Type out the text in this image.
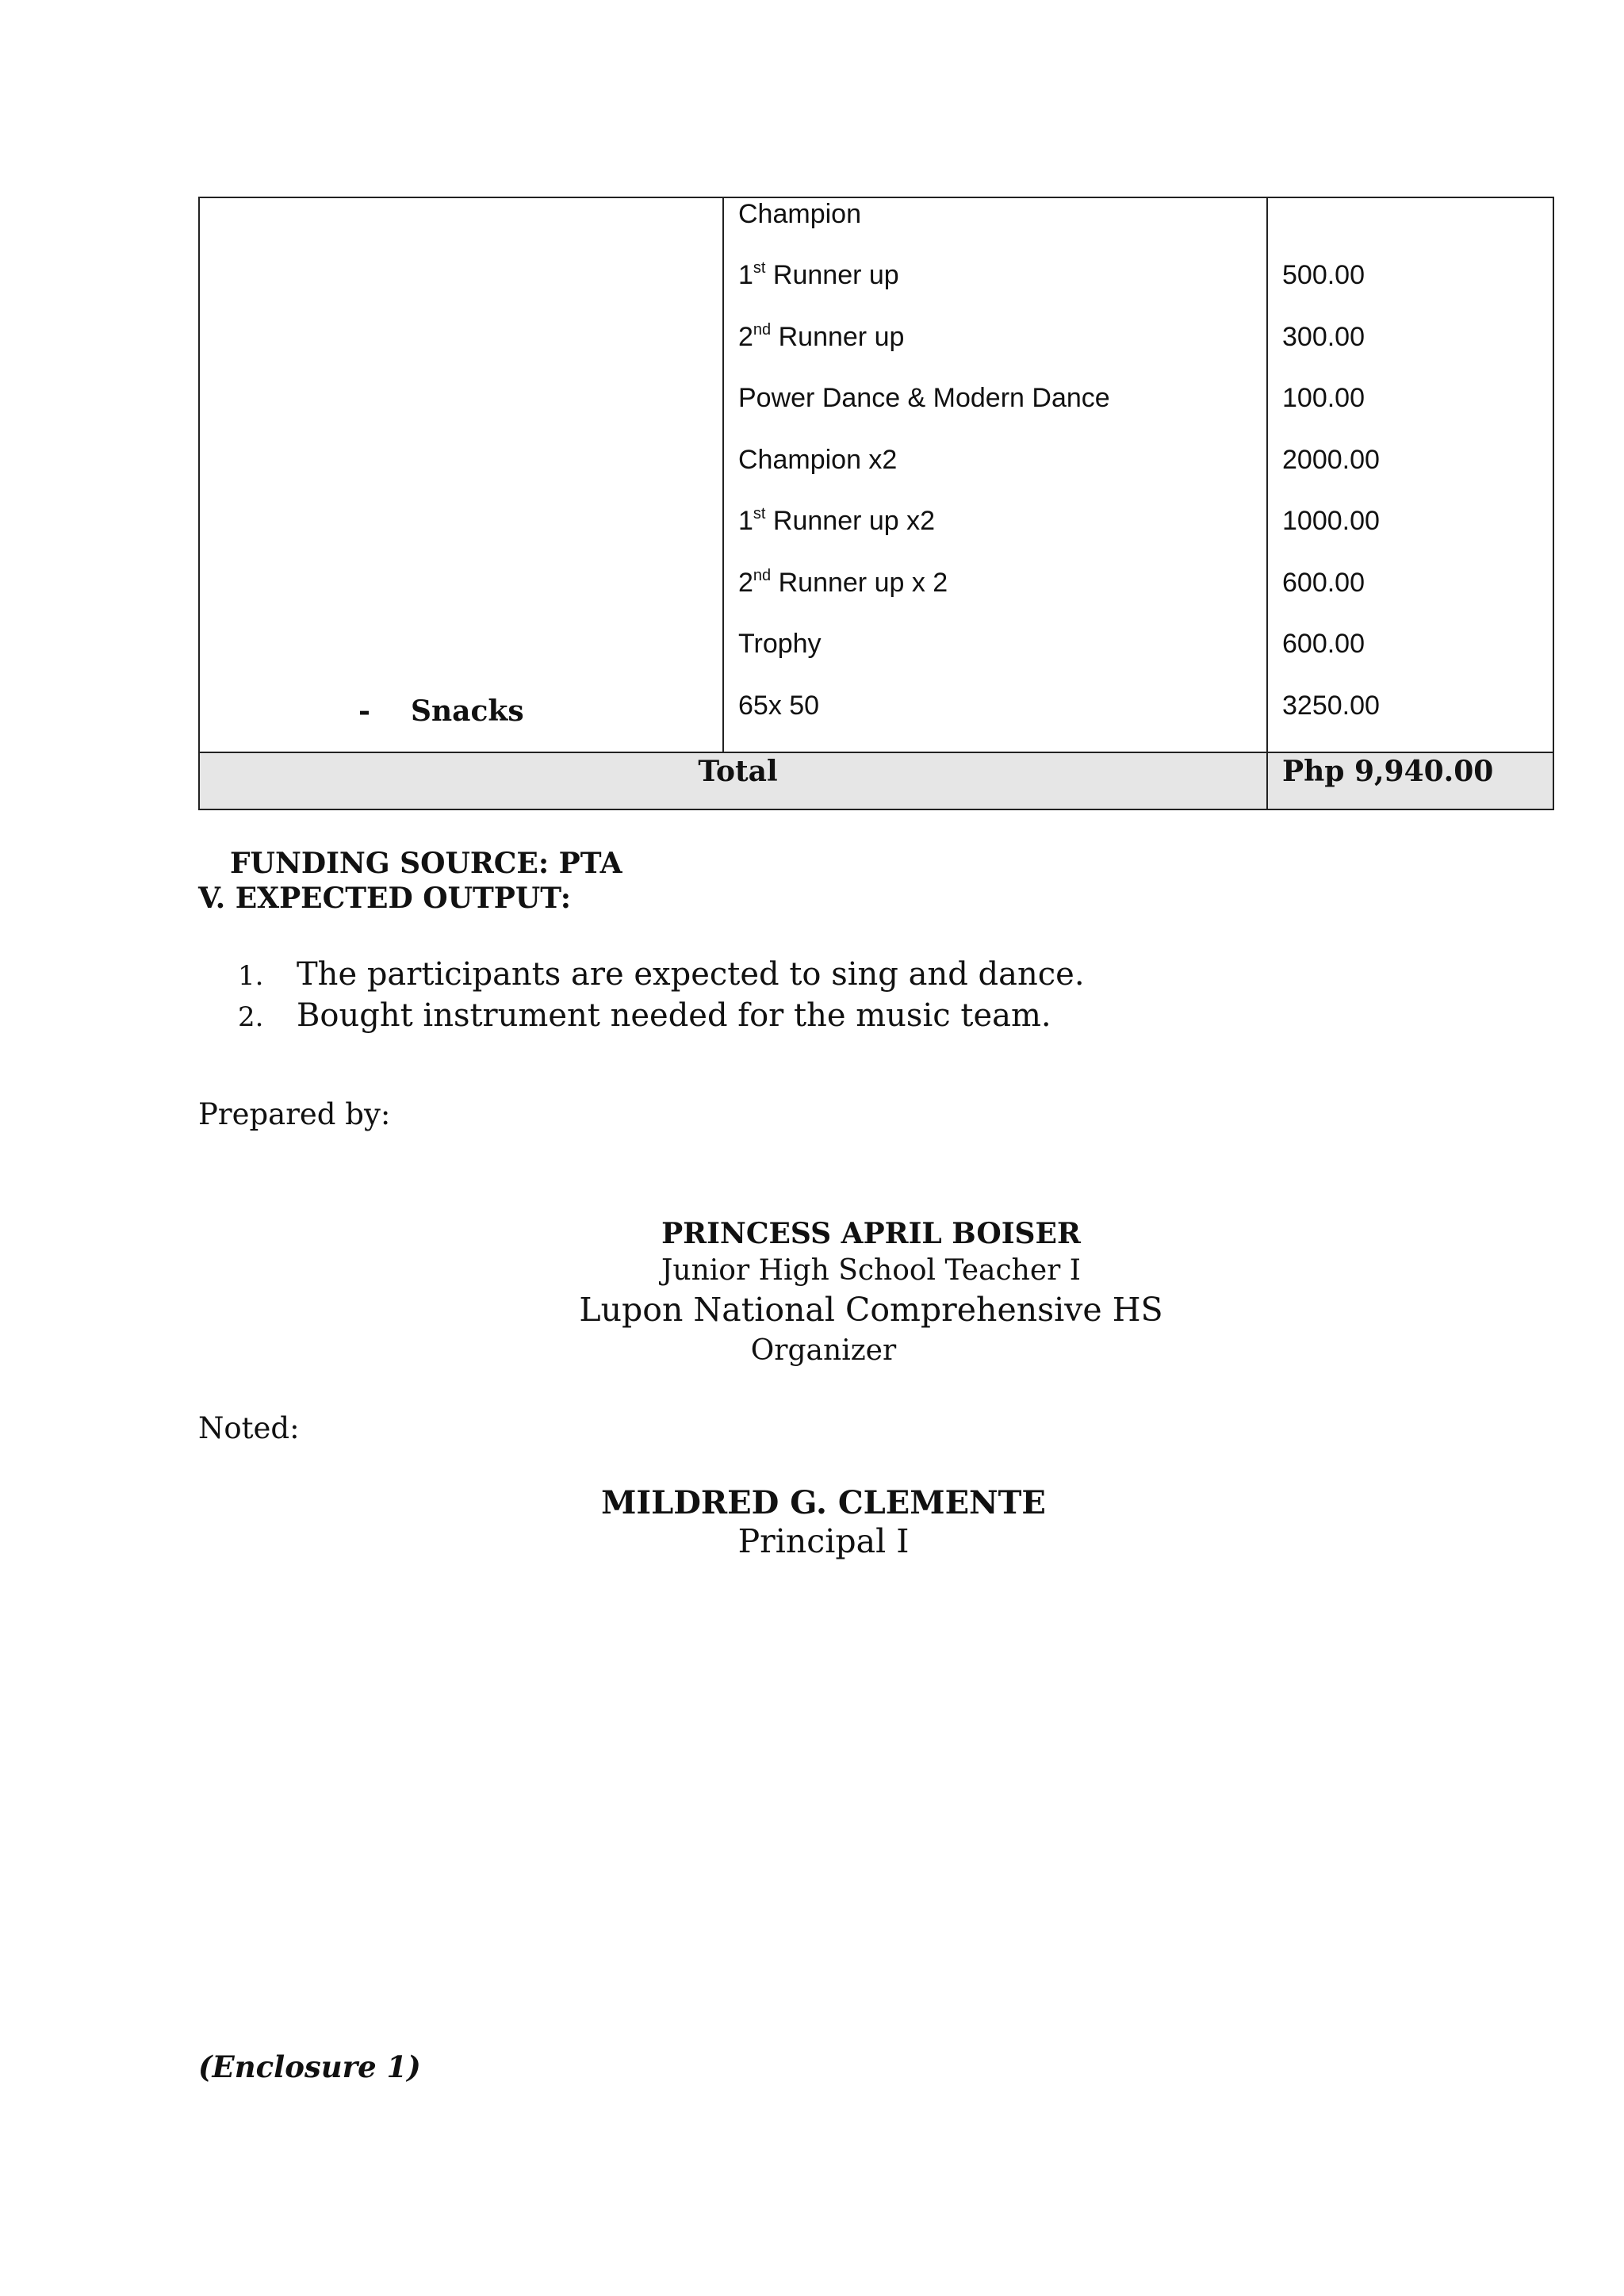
- Snacks
Champion
1st Runner up
2nd Runner up
Power Dance & Modern Dance
Champion x2
1st Runner up x2
2nd Runner up x 2
Trophy
65x 50
500.00
300.00
100.00
2000.00
1000.00
600.00
600.00
3250.00
Total	Php 9,940.00
FUNDING SOURCE: PTA
V. EXPECTED OUTPUT:
1. The participants are expected to sing and dance.
2. Bought instrument needed for the music team.
Prepared by:
PRINCESS APRIL BOISER
Junior High School Teacher I
Lupon National Comprehensive HS
Organizer
Noted:
MILDRED G. CLEMENTE
Principal I
(Enclosure 1)
